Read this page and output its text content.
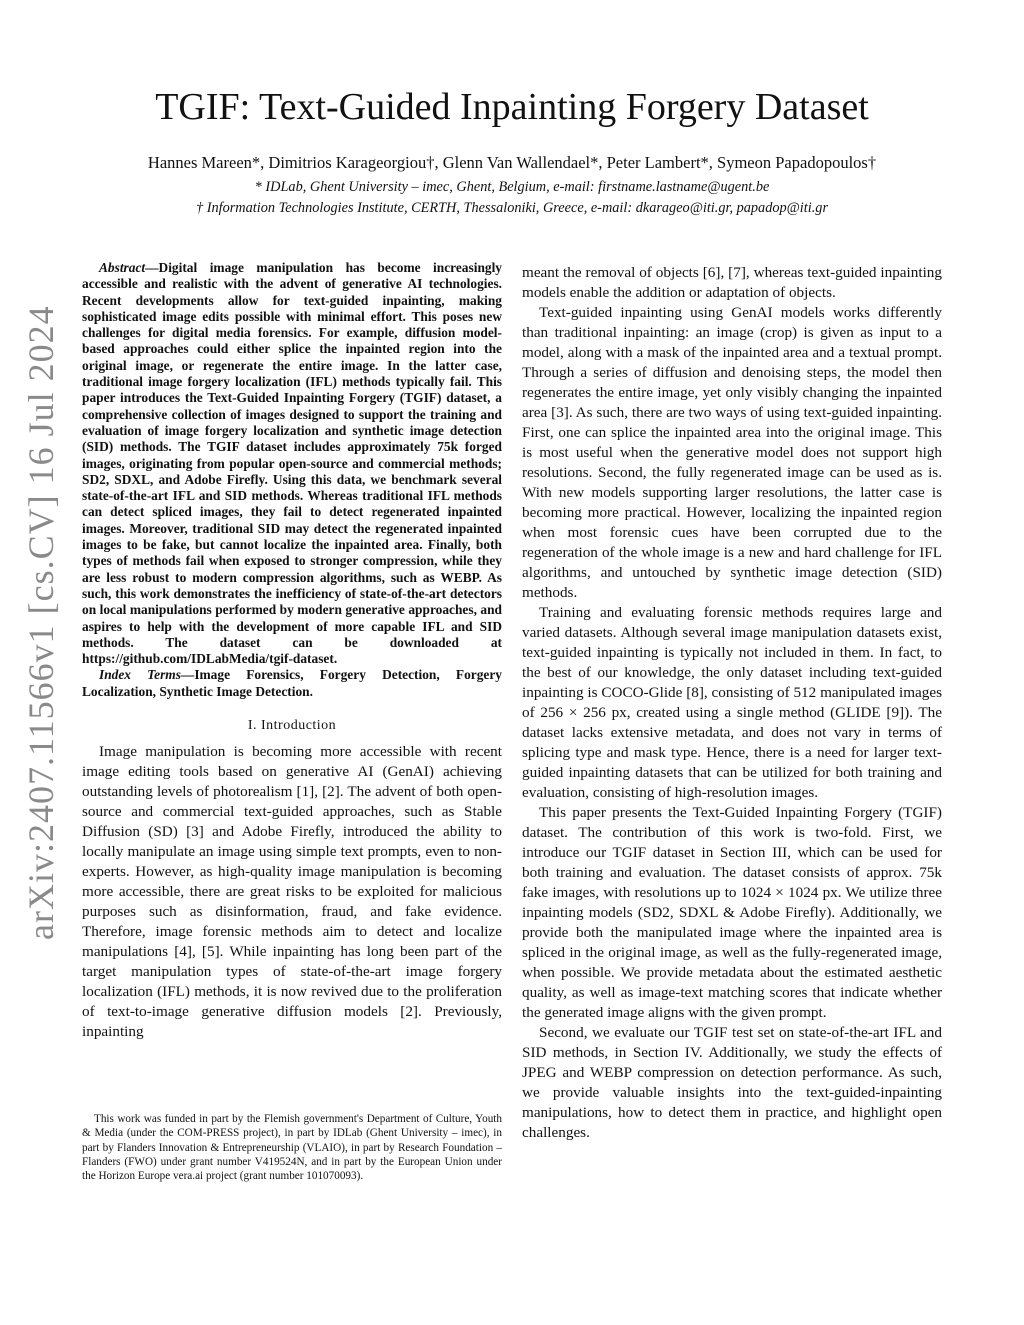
arXiv:2407.11566v1 [cs.CV] 16 Jul 2024
TGIF: Text-Guided Inpainting Forgery Dataset
Hannes Mareen*, Dimitrios Karageorgiou†, Glenn Van Wallendael*, Peter Lambert*, Symeon Papadopoulos†
* IDLab, Ghent University – imec, Ghent, Belgium, e-mail: firstname.lastname@ugent.be
† Information Technologies Institute, CERTH, Thessaloniki, Greece, e-mail: dkarageo@iti.gr, papadop@iti.gr

Abstract—Digital image manipulation has become increasingly accessible and realistic with the advent of generative AI technologies. Recent developments allow for text-guided inpainting, making sophisticated image edits possible with minimal effort. This poses new challenges for digital media forensics. For example, diffusion model-based approaches could either splice the inpainted region into the original image, or regenerate the entire image. In the latter case, traditional image forgery localization (IFL) methods typically fail. This paper introduces the Text-Guided Inpainting Forgery (TGIF) dataset, a comprehensive collection of images designed to support the training and evaluation of image forgery localization and synthetic image detection (SID) methods. The TGIF dataset includes approximately 75k forged images, originating from popular open-source and commercial methods; SD2, SDXL, and Adobe Firefly. Using this data, we benchmark several state-of-the-art IFL and SID methods. Whereas traditional IFL methods can detect spliced images, they fail to detect regenerated inpainted images. Moreover, traditional SID may detect the regenerated inpainted images to be fake, but cannot localize the inpainted area. Finally, both types of methods fail when exposed to stronger compression, while they are less robust to modern compression algorithms, such as WEBP. As such, this work demonstrates the inefficiency of state-of-the-art detectors on local manipulations performed by modern generative approaches, and aspires to help with the development of more capable IFL and SID methods. The dataset can be downloaded at https://github.com/IDLabMedia/tgif-dataset.

Index Terms—Image Forensics, Forgery Detection, Forgery Localization, Synthetic Image Detection.

I. Introduction

Image manipulation is becoming more accessible with recent image editing tools based on generative AI (GenAI) achieving outstanding levels of photorealism [1], [2]. The advent of both open-source and commercial text-guided approaches, such as Stable Diffusion (SD) [3] and Adobe Firefly, introduced the ability to locally manipulate an image using simple text prompts, even to non-experts. However, as high-quality image manipulation is becoming more accessible, there are great risks to be exploited for malicious purposes such as disinformation, fraud, and fake evidence. Therefore, image forensic methods aim to detect and localize manipulations [4], [5]. While inpainting has long been part of the target manipulation types of state-of-the-art image forgery localization (IFL) methods, it is now revived due to the proliferation of text-to-image generative diffusion models [2]. Previously, inpainting

This work was funded in part by the Flemish government's Department of Culture, Youth & Media (under the COM-PRESS project), in part by IDLab (Ghent University – imec), in part by Flanders Innovation & Entrepreneurship (VLAIO), in part by Research Foundation – Flanders (FWO) under grant number V419524N, and in part by the European Union under the Horizon Europe vera.ai project (grant number 101070093).

meant the removal of objects [6], [7], whereas text-guided inpainting models enable the addition or adaptation of objects.

Text-guided inpainting using GenAI models works differently than traditional inpainting: an image (crop) is given as input to a model, along with a mask of the inpainted area and a textual prompt. Through a series of diffusion and denoising steps, the model then regenerates the entire image, yet only visibly changing the inpainted area [3]. As such, there are two ways of using text-guided inpainting. First, one can splice the inpainted area into the original image. This is most useful when the generative model does not support high resolutions. Second, the fully regenerated image can be used as is. With new models supporting larger resolutions, the latter case is becoming more practical. However, localizing the inpainted region when most forensic cues have been corrupted due to the regeneration of the whole image is a new and hard challenge for IFL algorithms, and untouched by synthetic image detection (SID) methods.

Training and evaluating forensic methods requires large and varied datasets. Although several image manipulation datasets exist, text-guided inpainting is typically not included in them. In fact, to the best of our knowledge, the only dataset including text-guided inpainting is COCO-Glide [8], consisting of 512 manipulated images of 256 × 256 px, created using a single method (GLIDE [9]). The dataset lacks extensive metadata, and does not vary in terms of splicing type and mask type. Hence, there is a need for larger text-guided inpainting datasets that can be utilized for both training and evaluation, consisting of high-resolution images.

This paper presents the Text-Guided Inpainting Forgery (TGIF) dataset. The contribution of this work is two-fold. First, we introduce our TGIF dataset in Section III, which can be used for both training and evaluation. The dataset consists of approx. 75k fake images, with resolutions up to 1024 × 1024 px. We utilize three inpainting models (SD2, SDXL & Adobe Firefly). Additionally, we provide both the manipulated image where the inpainted area is spliced in the original image, as well as the fully-regenerated image, when possible. We provide metadata about the estimated aesthetic quality, as well as image-text matching scores that indicate whether the generated image aligns with the given prompt.

Second, we evaluate our TGIF test set on state-of-the-art IFL and SID methods, in Section IV. Additionally, we study the effects of JPEG and WEBP compression on detection performance. As such, we provide valuable insights into the text-guided-inpainting manipulations, how to detect them in practice, and highlight open challenges.
